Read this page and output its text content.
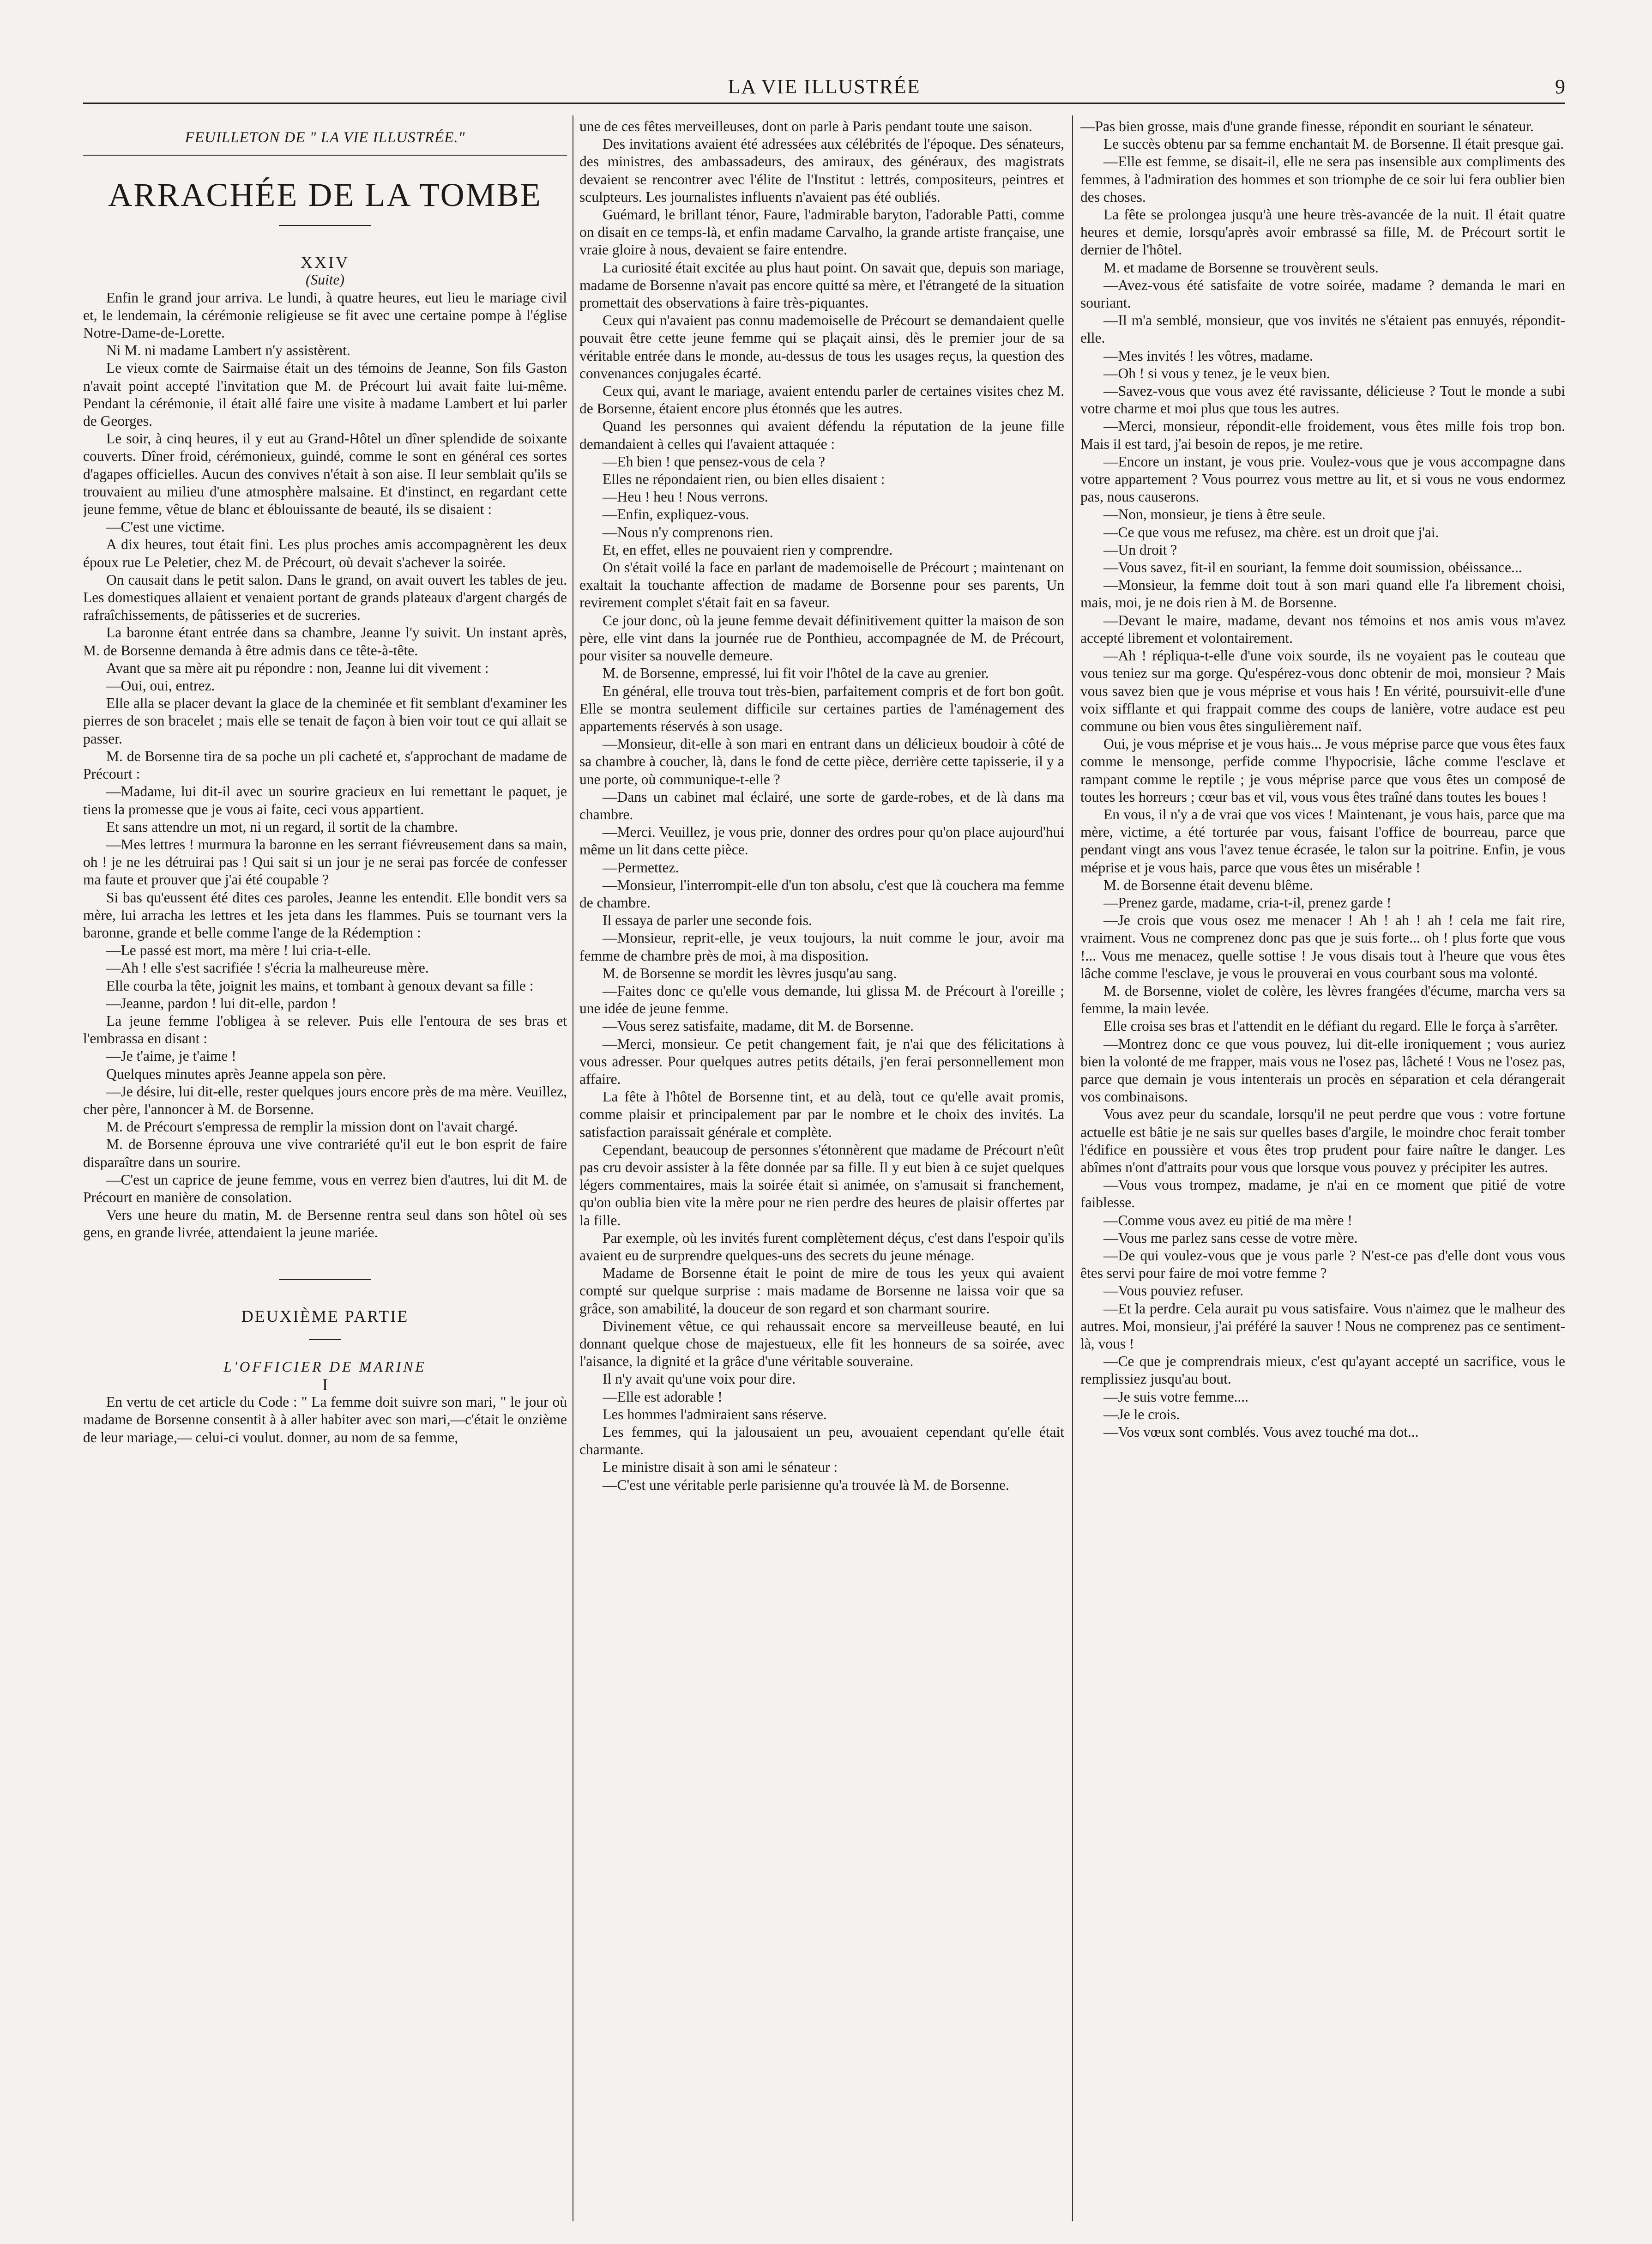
LA VIE ILLUSTRÉE	9
FEUILLETON DE " LA VIE ILLUSTRÉE."
ARRACHÉE DE LA TOMBE

XXIV

(Suite)

Enfin le grand jour arriva. Le lundi, à quatre heures, eut lieu le mariage civil et, le lendemain, la cérémonie religieuse se fit avec une certaine pompe à l'église Notre-Dame-de-Lorette.

Ni M. ni madame Lambert n'y assistèrent.

Le vieux comte de Sairmaise était un des témoins de Jeanne, Son fils Gaston n'avait point accepté l'invitation que M. de Précourt lui avait faite lui-même. Pendant la cérémonie, il était allé faire une visite à madame Lambert et lui parler de Georges.

Le soir, à cinq heures, il y eut au Grand-Hôtel un dîner splendide de soixante couverts. Dîner froid, cérémonieux, guindé, comme le sont en général ces sortes d'agapes officielles. Aucun des convives n'était à son aise. Il leur semblait qu'ils se trouvaient au milieu d'une atmosphère malsaine. Et d'instinct, en regardant cette jeune femme, vêtue de blanc et éblouissante de beauté, ils se disaient :

—C'est une victime.

A dix heures, tout était fini. Les plus proches amis accompagnèrent les deux époux rue Le Peletier, chez M. de Précourt, où devait s'achever la soirée.

On causait dans le petit salon. Dans le grand, on avait ouvert les tables de jeu. Les domestiques allaient et venaient portant de grands plateaux d'argent chargés de rafraîchissements, de pâtisseries et de sucreries.

La baronne étant entrée dans sa chambre, Jeanne l'y suivit. Un instant après, M. de Borsenne demanda à être admis dans ce tête-à-tête.

Avant que sa mère ait pu répondre : non, Jeanne lui dit vivement :

—Oui, oui, entrez.

Elle alla se placer devant la glace de la cheminée et fit semblant d'examiner les pierres de son bracelet ; mais elle se tenait de façon à bien voir tout ce qui allait se passer.

M. de Borsenne tira de sa poche un pli cacheté et, s'approchant de madame de Précourt :

—Madame, lui dit-il avec un sourire gracieux en lui remettant le paquet, je tiens la promesse que je vous ai faite, ceci vous appartient.

Et sans attendre un mot, ni un regard, il sortit de la chambre.

—Mes lettres ! murmura la baronne en les serrant fiévreusement dans sa main, oh ! je ne les détruirai pas ! Qui sait si un jour je ne serai pas forcée de confesser ma faute et prouver que j'ai été coupable ?

Si bas qu'eussent été dites ces paroles, Jeanne les entendit. Elle bondit vers sa mère, lui arracha les lettres et les jeta dans les flammes. Puis se tournant vers la baronne, grande et belle comme l'ange de la Rédemption :

—Le passé est mort, ma mère ! lui cria-t-elle.

—Ah ! elle s'est sacrifiée ! s'écria la malheureuse mère.

Elle courba la tête, joignit les mains, et tombant à genoux devant sa fille :

—Jeanne, pardon ! lui dit-elle, pardon !

La jeune femme l'obligea à se relever. Puis elle l'entoura de ses bras et l'embrassa en disant :

—Je t'aime, je t'aime !

Quelques minutes après Jeanne appela son père.

—Je désire, lui dit-elle, rester quelques jours encore près de ma mère. Veuillez, cher père, l'annoncer à M. de Borsenne.

M. de Précourt s'empressa de remplir la mission dont on l'avait chargé.

M. de Borsenne éprouva une vive contrariété qu'il eut le bon esprit de faire disparaître dans un sourire.

—C'est un caprice de jeune femme, vous en verrez bien d'autres, lui dit M. de Précourt en manière de consolation.

Vers une heure du matin, M. de Bersenne rentra seul dans son hôtel où ses gens, en grande livrée, attendaient la jeune mariée.

DEUXIÈME PARTIE

L'OFFICIER DE MARINE

I

En vertu de cet article du Code : " La femme doit suivre son mari, " le jour où madame de Borsenne consentit à à aller habiter avec son mari,—c'était le onzième de leur mariage,— celui-ci voulut. donner, au nom de sa femme,

une de ces fêtes merveilleuses, dont on parle à Paris pendant toute une saison.

Des invitations avaient été adressées aux célébrités de l'époque. Des sénateurs, des ministres, des ambassadeurs, des amiraux, des généraux, des magistrats devaient se rencontrer avec l'élite de l'Institut : lettrés, compositeurs, peintres et sculpteurs. Les journalistes influents n'avaient pas été oubliés.

Guémard, le brillant ténor, Faure, l'admirable baryton, l'adorable Patti, comme on disait en ce temps-là, et enfin madame Carvalho, la grande artiste française, une vraie gloire à nous, devaient se faire entendre.

La curiosité était excitée au plus haut point. On savait que, depuis son mariage, madame de Borsenne n'avait pas encore quitté sa mère, et l'étrangeté de la situation promettait des observations à faire très-piquantes.

Ceux qui n'avaient pas connu mademoiselle de Précourt se demandaient quelle pouvait être cette jeune femme qui se plaçait ainsi, dès le premier jour de sa véritable entrée dans le monde, au-dessus de tous les usages reçus, la question des convenances conjugales écarté.

Ceux qui, avant le mariage, avaient entendu parler de certaines visites chez M. de Borsenne, étaient encore plus étonnés que les autres.

Quand les personnes qui avaient défendu la réputation de la jeune fille demandaient à celles qui l'avaient attaquée :

—Eh bien ! que pensez-vous de cela ?

Elles ne répondaient rien, ou bien elles disaient :

—Heu ! heu ! Nous verrons.

—Enfin, expliquez-vous.

—Nous n'y comprenons rien.

Et, en effet, elles ne pouvaient rien y comprendre.

On s'était voilé la face en parlant de mademoiselle de Précourt ; maintenant on exaltait la touchante affection de madame de Borsenne pour ses parents, Un revirement complet s'était fait en sa faveur.

Ce jour donc, où la jeune femme devait définitivement quitter la maison de son père, elle vint dans la journée rue de Ponthieu, accompagnée de M. de Précourt, pour visiter sa nouvelle demeure.

M. de Borsenne, empressé, lui fit voir l'hôtel de la cave au grenier.

En général, elle trouva tout très-bien, parfaitement compris et de fort bon goût. Elle se montra seulement difficile sur certaines parties de l'aménagement des appartements réservés à son usage.

—Monsieur, dit-elle à son mari en entrant dans un délicieux boudoir à côté de sa chambre à coucher, là, dans le fond de cette pièce, derrière cette tapisserie, il y a une porte, où communique-t-elle ?

—Dans un cabinet mal éclairé, une sorte de garde-robes, et de là dans ma chambre.

—Merci. Veuillez, je vous prie, donner des ordres pour qu'on place aujourd'hui même un lit dans cette pièce.

—Permettez.

—Monsieur, l'interrompit-elle d'un ton absolu, c'est que là couchera ma femme de chambre.

Il essaya de parler une seconde fois.

—Monsieur, reprit-elle, je veux toujours, la nuit comme le jour, avoir ma femme de chambre près de moi, à ma disposition.

M. de Borsenne se mordit les lèvres jusqu'au sang.

—Faites donc ce qu'elle vous demande, lui glissa M. de Précourt à l'oreille ; une idée de jeune femme.

—Vous serez satisfaite, madame, dit M. de Borsenne.

—Merci, monsieur. Ce petit changement fait, je n'ai que des félicitations à vous adresser. Pour quelques autres petits détails, j'en ferai personnellement mon affaire.

La fête à l'hôtel de Borsenne tint, et au delà, tout ce qu'elle avait promis, comme plaisir et principalement par par le nombre et le choix des invités. La satisfaction paraissait générale et complète.

Cependant, beaucoup de personnes s'étonnèrent que madame de Précourt n'eût pas cru devoir assister à la fête donnée par sa fille. Il y eut bien à ce sujet quelques légers commentaires, mais la soirée était si animée, on s'amusait si franchement, qu'on oublia bien vite la mère pour ne rien perdre des heures de plaisir offertes par la fille.

Par exemple, où les invités furent complètement déçus, c'est dans l'espoir qu'ils avaient eu de surprendre quelques-uns des secrets du jeune ménage.

Madame de Borsenne était le point de mire de tous les yeux qui avaient compté sur quelque surprise : mais madame de Borsenne ne laissa voir que sa grâce, son amabilité, la douceur de son regard et son charmant sourire.

Divinement vêtue, ce qui rehaussait encore sa merveilleuse beauté, en lui donnant quelque chose de majestueux, elle fit les honneurs de sa soirée, avec l'aisance, la dignité et la grâce d'une véritable souveraine.

Il n'y avait qu'une voix pour dire.

—Elle est adorable !

Les hommes l'admiraient sans réserve.

Les femmes, qui la jalousaient un peu, avouaient cependant qu'elle était charmante.

Le ministre disait à son ami le sénateur :

—C'est une véritable perle parisienne qu'a trouvée là M. de Borsenne.

—Pas bien grosse, mais d'une grande finesse, répondit en souriant le sénateur.

Le succès obtenu par sa femme enchantait M. de Borsenne. Il était presque gai.

—Elle est femme, se disait-il, elle ne sera pas insensible aux compliments des femmes, à l'admiration des hommes et son triomphe de ce soir lui fera oublier bien des choses.

La fête se prolongea jusqu'à une heure très-avancée de la nuit. Il était quatre heures et demie, lorsqu'après avoir embrassé sa fille, M. de Précourt sortit le dernier de l'hôtel.

M. et madame de Borsenne se trouvèrent seuls.

—Avez-vous été satisfaite de votre soirée, madame ? demanda le mari en souriant.

—Il m'a semblé, monsieur, que vos invités ne s'étaient pas ennuyés, répondit-elle.

—Mes invités ! les vôtres, madame.

—Oh ! si vous y tenez, je le veux bien.

—Savez-vous que vous avez été ravissante, délicieuse ? Tout le monde a subi votre charme et moi plus que tous les autres.

—Merci, monsieur, répondit-elle froidement, vous êtes mille fois trop bon. Mais il est tard, j'ai besoin de repos, je me retire.

—Encore un instant, je vous prie. Voulez-vous que je vous accompagne dans votre appartement ? Vous pourrez vous mettre au lit, et si vous ne vous endormez pas, nous causerons.

—Non, monsieur, je tiens à être seule.

—Ce que vous me refusez, ma chère. est un droit que j'ai.

—Un droit ?

—Vous savez, fit-il en souriant, la femme doit soumission, obéissance...

—Monsieur, la femme doit tout à son mari quand elle l'a librement choisi, mais, moi, je ne dois rien à M. de Borsenne.

—Devant le maire, madame, devant nos témoins et nos amis vous m'avez accepté librement et volontairement.

—Ah ! répliqua-t-elle d'une voix sourde, ils ne voyaient pas le couteau que vous teniez sur ma gorge. Qu'espérez-vous donc obtenir de moi, monsieur ? Mais vous savez bien que je vous méprise et vous hais ! En vérité, poursuivit-elle d'une voix sifflante et qui frappait comme des coups de lanière, votre audace est peu commune ou bien vous êtes singulièrement naïf.

Oui, je vous méprise et je vous hais... Je vous méprise parce que vous êtes faux comme le mensonge, perfide comme l'hypocrisie, lâche comme l'esclave et rampant comme le reptile ; je vous méprise parce que vous êtes un composé de toutes les horreurs ; cœur bas et vil, vous vous êtes traîné dans toutes les boues !

En vous, il n'y a de vrai que vos vices ! Maintenant, je vous hais, parce que ma mère, victime, a été torturée par vous, faisant l'office de bourreau, parce que pendant vingt ans vous l'avez tenue écrasée, le talon sur la poitrine. Enfin, je vous méprise et je vous hais, parce que vous êtes un misérable !

M. de Borsenne était devenu blême.

—Prenez garde, madame, cria-t-il, prenez garde !

—Je crois que vous osez me menacer ! Ah ! ah ! ah ! cela me fait rire, vraiment. Vous ne comprenez donc pas que je suis forte... oh ! plus forte que vous !... Vous me menacez, quelle sottise ! Je vous disais tout à l'heure que vous êtes lâche comme l'esclave, je vous le prouverai en vous courbant sous ma volonté.

M. de Borsenne, violet de colère, les lèvres frangées d'écume, marcha vers sa femme, la main levée.

Elle croisa ses bras et l'attendit en le défiant du regard. Elle le força à s'arrêter.

—Montrez donc ce que vous pouvez, lui dit-elle ironiquement ; vous auriez bien la volonté de me frapper, mais vous ne l'osez pas, lâcheté ! Vous ne l'osez pas, parce que demain je vous intenterais un procès en séparation et cela dérangerait vos combinaisons.

Vous avez peur du scandale, lorsqu'il ne peut perdre que vous : votre fortune actuelle est bâtie je ne sais sur quelles bases d'argile, le moindre choc ferait tomber l'édifice en poussière et vous êtes trop prudent pour faire naître le danger. Les abîmes n'ont d'attraits pour vous que lorsque vous pouvez y précipiter les autres.

—Vous vous trompez, madame, je n'ai en ce moment que pitié de votre faiblesse.

—Comme vous avez eu pitié de ma mère !

—Vous me parlez sans cesse de votre mère.

—De qui voulez-vous que je vous parle ? N'est-ce pas d'elle dont vous vous êtes servi pour faire de moi votre femme ?

—Vous pouviez refuser.

—Et la perdre. Cela aurait pu vous satisfaire. Vous n'aimez que le malheur des autres. Moi, monsieur, j'ai préféré la sauver ! Nous ne comprenez pas ce sentiment-là, vous !

—Ce que je comprendrais mieux, c'est qu'ayant accepté un sacrifice, vous le remplissiez jusqu'au bout.

—Je suis votre femme....

—Je le crois.

—Vos vœux sont comblés. Vous avez touché ma dot...
